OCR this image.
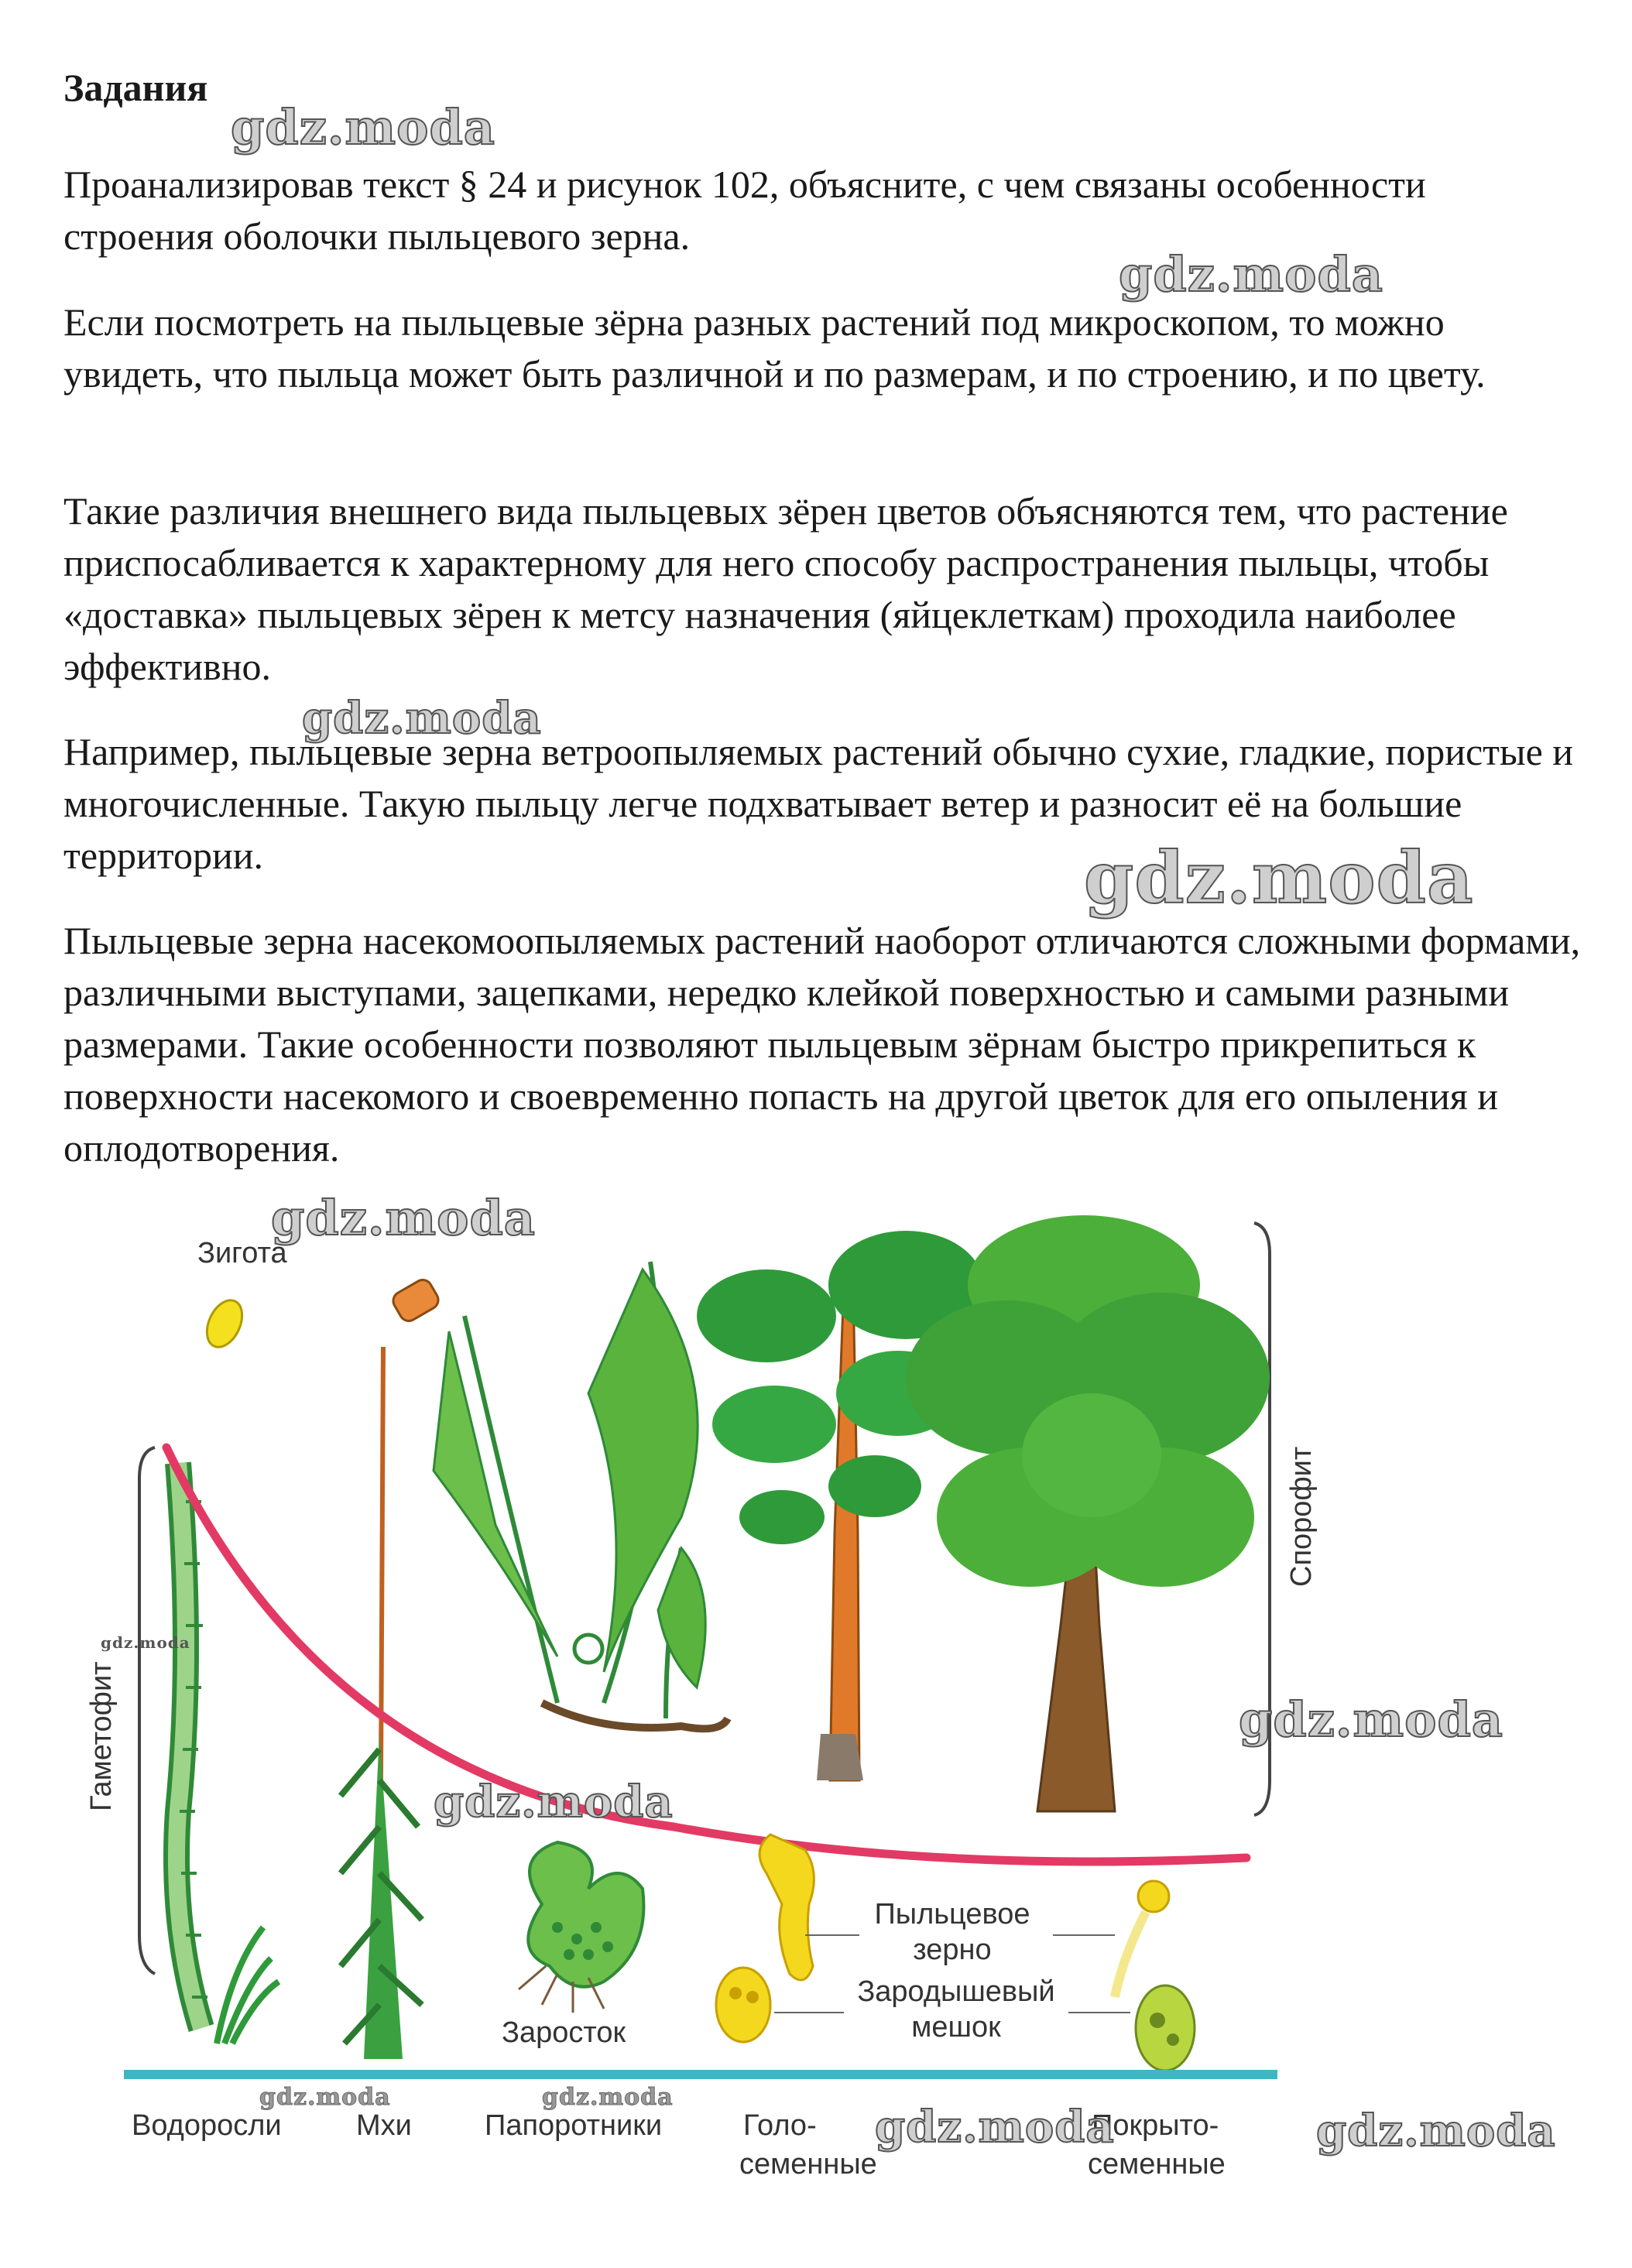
Задания

Проанализировав текст § 24 и рисунок 102, объясните, с чем связаны особенности строения оболочки пыльцевого зерна.

Если посмотреть на пыльцевые зёрна разных растений под микроскопом, то можно увидеть, что пыльца может быть различной и по размерам, и по строению, и по цвету.

Такие различия внешнего вида пыльцевых зёрен цветов объясняются тем, что растение приспосабливается к характерному для него способу распространения пыльцы, чтобы «доставка» пыльцевых зёрен к метсу назначения (яйцеклеткам) проходила наиболее эффективно.

Например, пыльцевые зерна ветроопыляемых растений обычно сухие, гладкие, пористые и многочисленные. Такую пыльцу легче подхватывает ветер и разносит её на большие территории.

Пыльцевые зерна насекомоопыляемых растений наоборот отличаются сложными формами, различными выступами, зацепками, нередко клейкой поверхностью и самыми разными размерами. Такие особенности позволяют пыльцевым зёрнам быстро прикрепиться к поверхности насекомого и своевременно попасть на другой цветок для его опыления и оплодотворения.

gdz.moda
gdz.moda
gdz.moda
gdz.moda
Зигота
Гаметофит
Спорофит
Пыльцевое
зерно
Зародышевый
мешок
Заросток
Водоросли	Мхи Папоротники	Голо-	Покрыто-
семенные	семенные
gdz.moda
gdz.moda
gdz.moda
gdz.moda
gdz.moda	gdz.moda
gdz.moda	gdz.moda
